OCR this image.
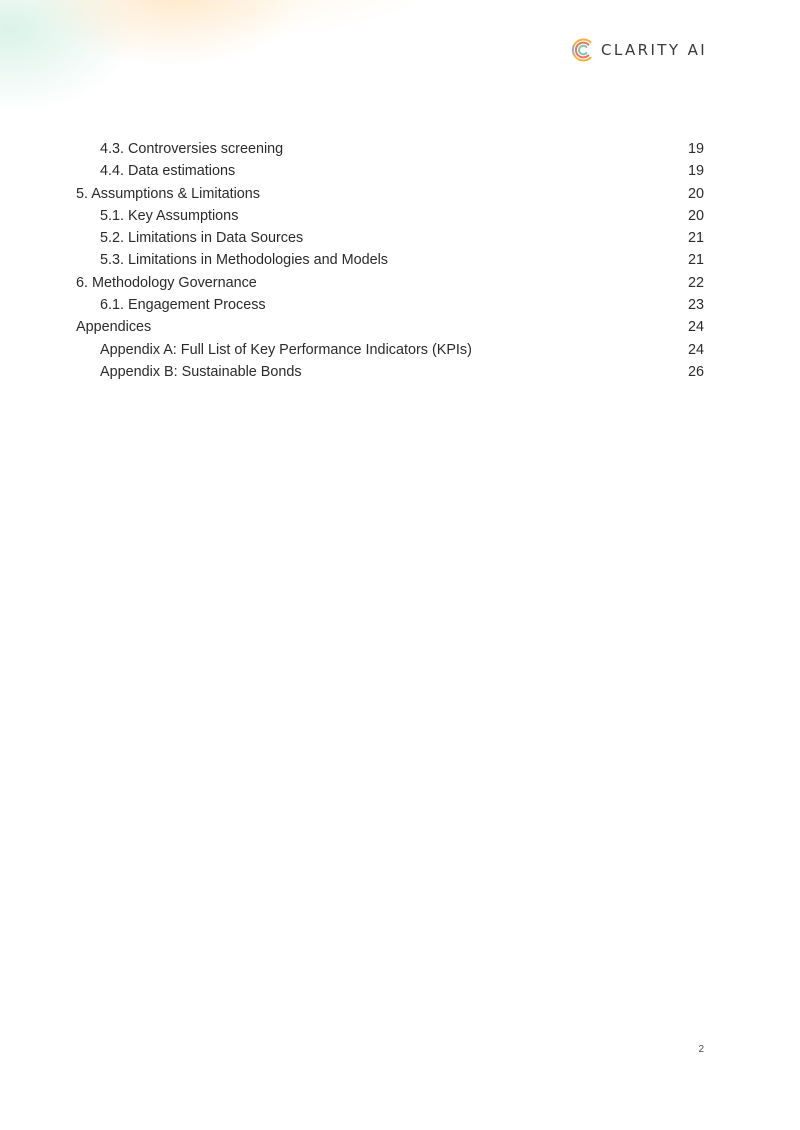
CLARITY AI
4.3. Controversies screening	19
4.4. Data estimations	19
5. Assumptions & Limitations	20
5.1. Key Assumptions	20
5.2. Limitations in Data Sources	21
5.3. Limitations in Methodologies and Models	21
6. Methodology Governance	22
6.1. Engagement Process	23
Appendices	24
Appendix A: Full List of Key Performance Indicators (KPIs)	24
Appendix B: Sustainable Bonds	26
2
